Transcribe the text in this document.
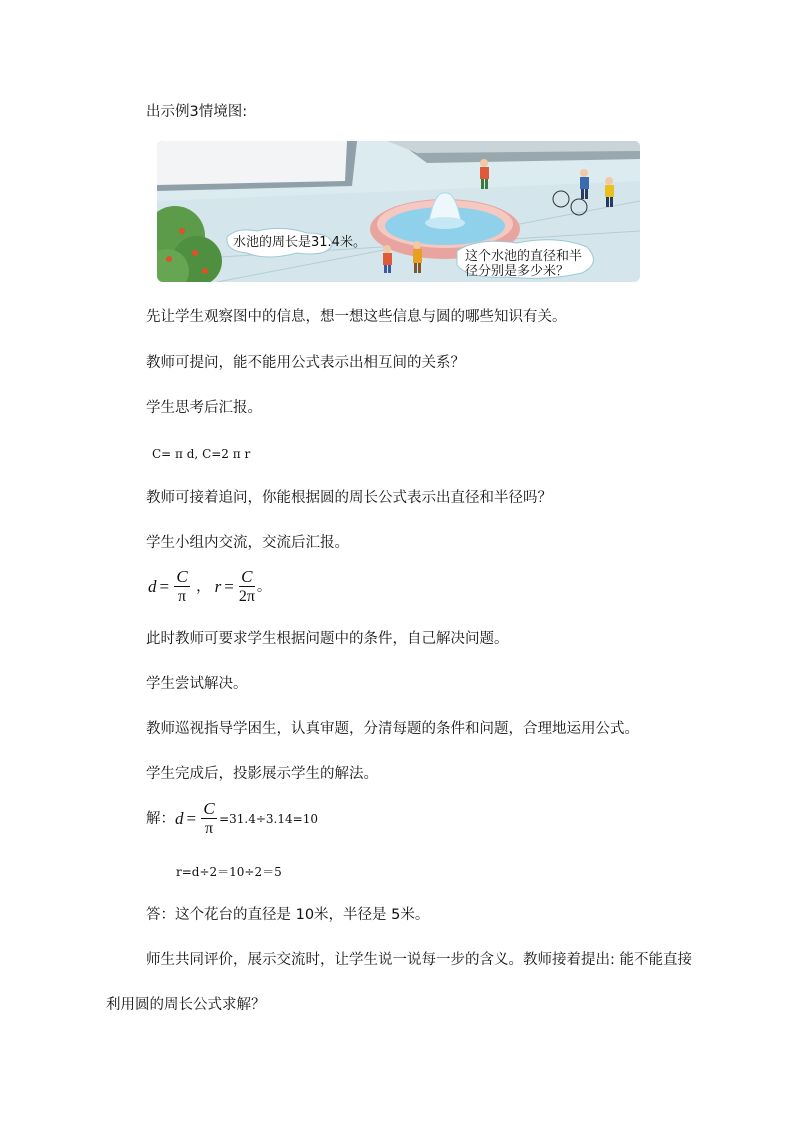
出示例3情境图:
水池的周长是31.4米。
这个水池的直径和半
径分别是多少米？
先让学生观察图中的信息，想一想这些信息与圆的哪些知识有关。
教师可提问，能不能用公式表示出相互间的关系？
学生思考后汇报。
C= π d, C=2 π r
教师可接着追问，你能根据圆的周长公式表示出直径和半径吗？
学生小组内交流，交流后汇报。
$d = \frac{C}{\pi}$ ， $r = \frac{C}{2\pi}$ 。
此时教师可要求学生根据问题中的条件，自己解决问题。
学生尝试解决。
教师巡视指导学困生，认真审题，分清每题的条件和问题，合理地运用公式。
学生完成后，投影展示学生的解法。
解： $d = \frac{C}{\pi} =31.4\div 3.14=10$
r=d÷2＝10÷2＝5
答：这个花台的直径是 10米，半径是 5米。
师生共同评价，展示交流时，让学生说一说每一步的含义。教师接着提出: 能不能直接
利用圆的周长公式求解？
